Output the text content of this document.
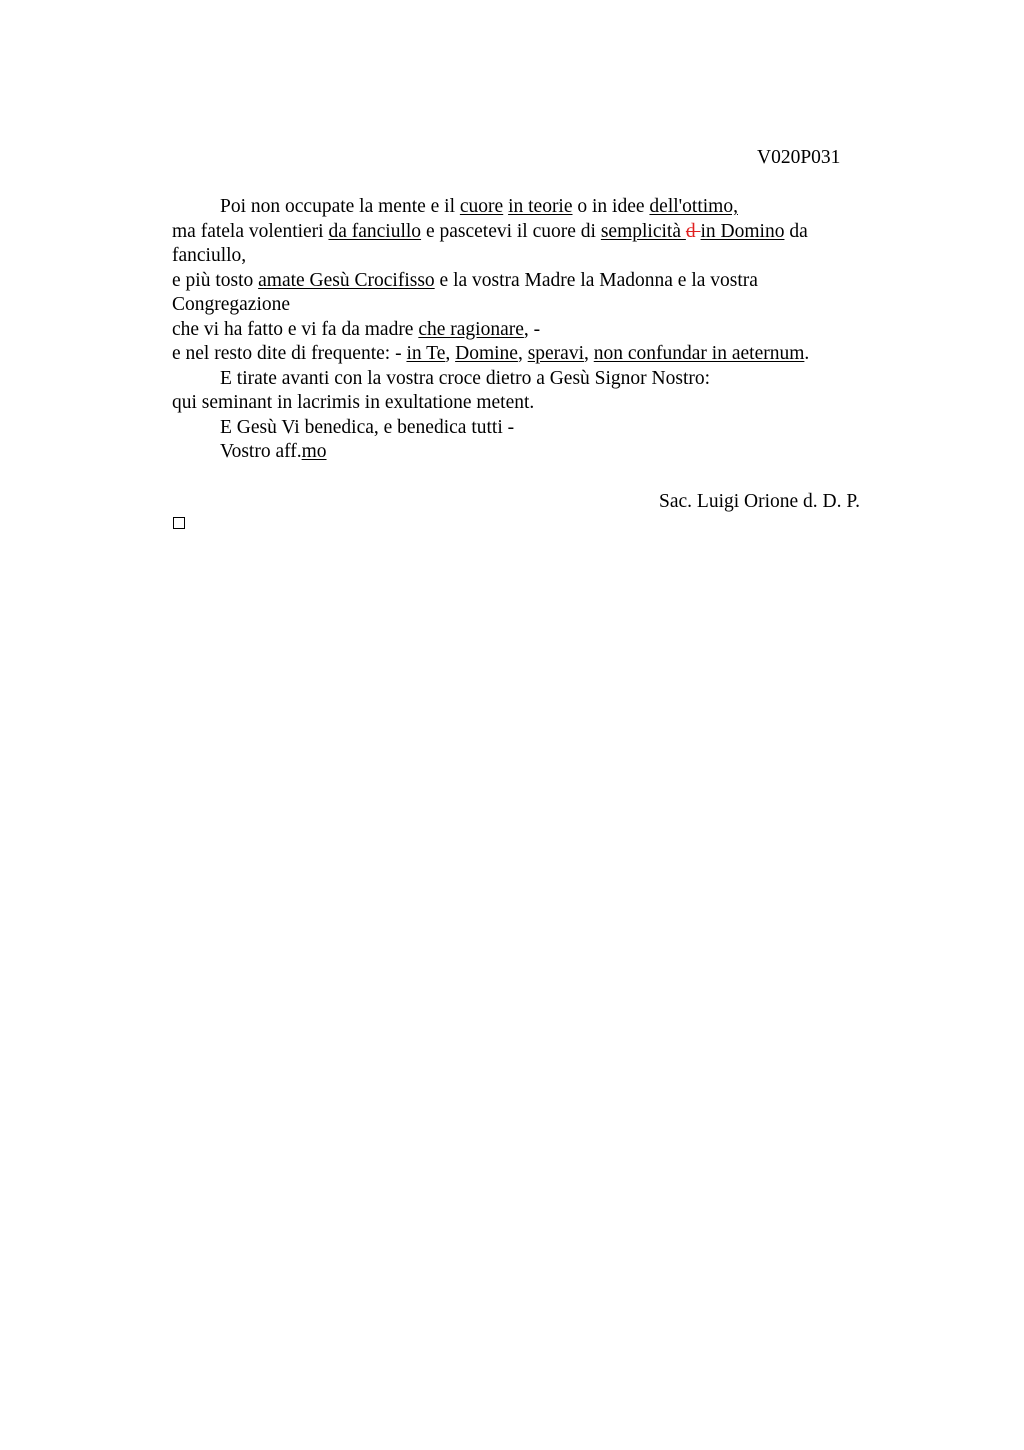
V020P031
Poi non occupate la mente e il cuore in teorie o in idee dell'ottimo,
ma fatela volentieri da fanciullo e pascetevi il cuore di semplicità d in Domino da
fanciullo,
e più tosto amate Gesù Crocifisso e la vostra Madre la Madonna e la vostra
Congregazione
che vi ha fatto e vi fa da madre che ragionare, -
e nel resto dite di frequente: - in Te, Domine, speravi, non confundar in aeternum.
E tirate avanti con la vostra croce dietro a Gesù Signor Nostro:
qui seminant in lacrimis in exultatione metent.
E Gesù Vi benedica, e benedica tutti -
Vostro aff.mo
Sac. Luigi Orione d. D. P.
